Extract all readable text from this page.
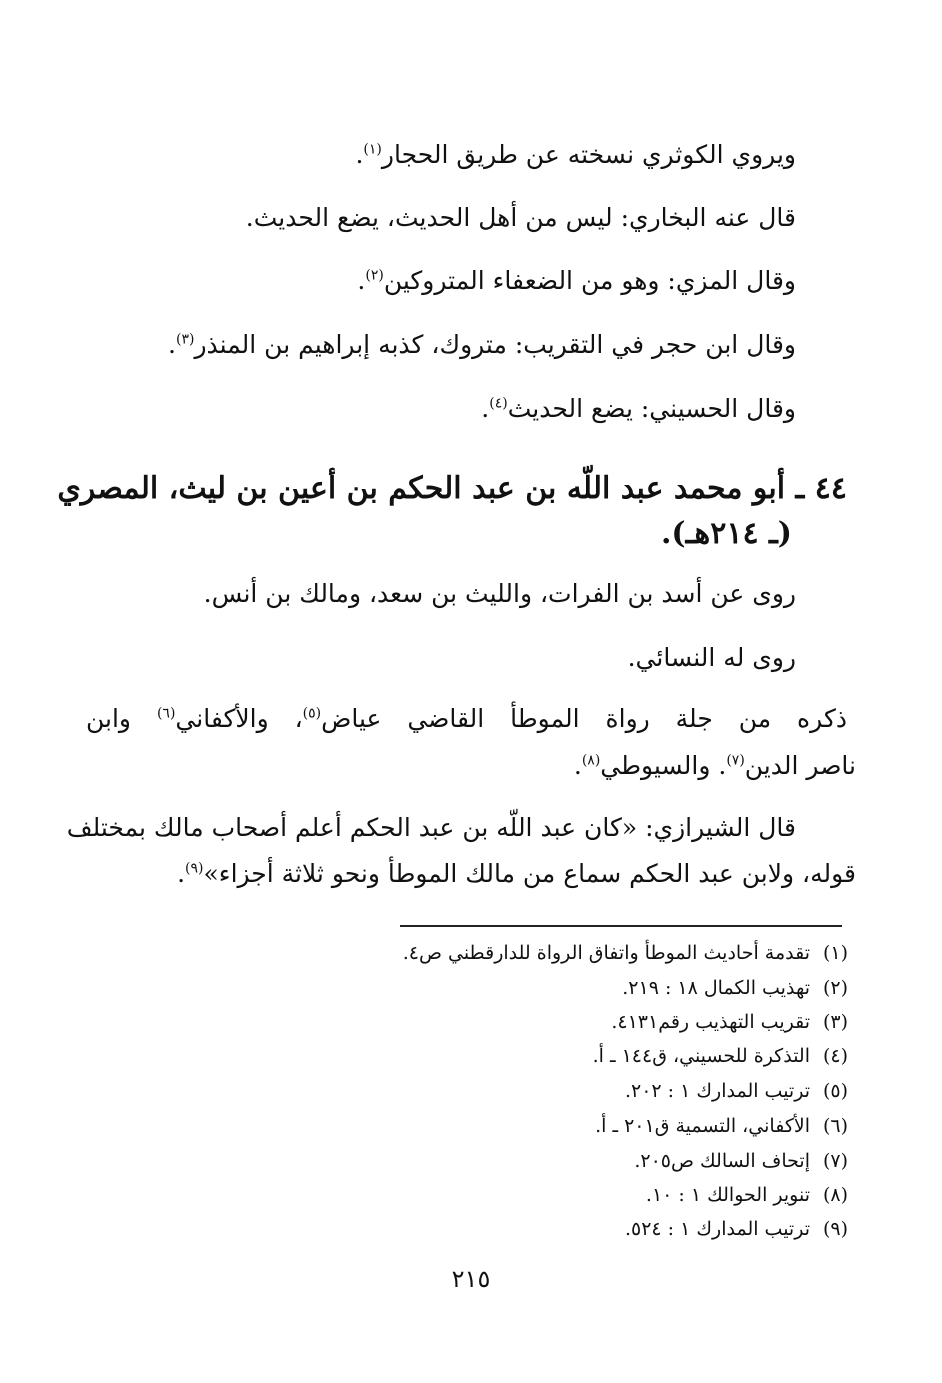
ويروي الكوثري نسخته عن طريق الحجار$^{(١)}$.
قال عنه البخاري: ليس من أهل الحديث، يضع الحديث.
وقال المزي: وهو من الضعفاء المتروكين$^{(٢)}$.
وقال ابن حجر في التقريب: متروك، كذبه إبراهيم بن المنذر$^{(٣)}$.
وقال الحسيني: يضع الحديث$^{(٤)}$.
٤٤ ـ أبو محمد عبد اللّه بن عبد الحكم بن أعين بن ليث، المصري
(ـ ٢١٤هـ).
روى عن أسد بن الفرات، والليث بن سعد، ومالك بن أنس.
روى له النسائي.
ذكره من جلة رواة الموطأ القاضي عياض$^{(٥)}$، والأكفاني$^{(٦)}$ وابن
ناصر الدين$^{(٧)}$. والسيوطي$^{(٨)}$.
قال الشيرازي: «كان عبد اللّه بن عبد الحكم أعلم أصحاب مالك بمختلف
قوله، ولابن عبد الحكم سماع من مالك الموطأ ونحو ثلاثة أجزاء»$^{(٩)}$.
(١)تقدمة أحاديث الموطأ واتفاق الرواة للدارقطني ص٤.
(٢)تهذيب الكمال ١٨ : ٢١٩.
(٣)تقريب التهذيب رقم٤١٣١.
(٤)التذكرة للحسيني، ق١٤٤ ـ أ.
(٥)ترتيب المدارك ١ : ٢٠٢.
(٦)الأكفاني، التسمية ق٢٠١ ـ أ.
(٧)إتحاف السالك ص٢٠٥.
(٨)تنوير الحوالك ١ : ١٠.
(٩)ترتيب المدارك ١ : ٥٢٤.
٢١٥
